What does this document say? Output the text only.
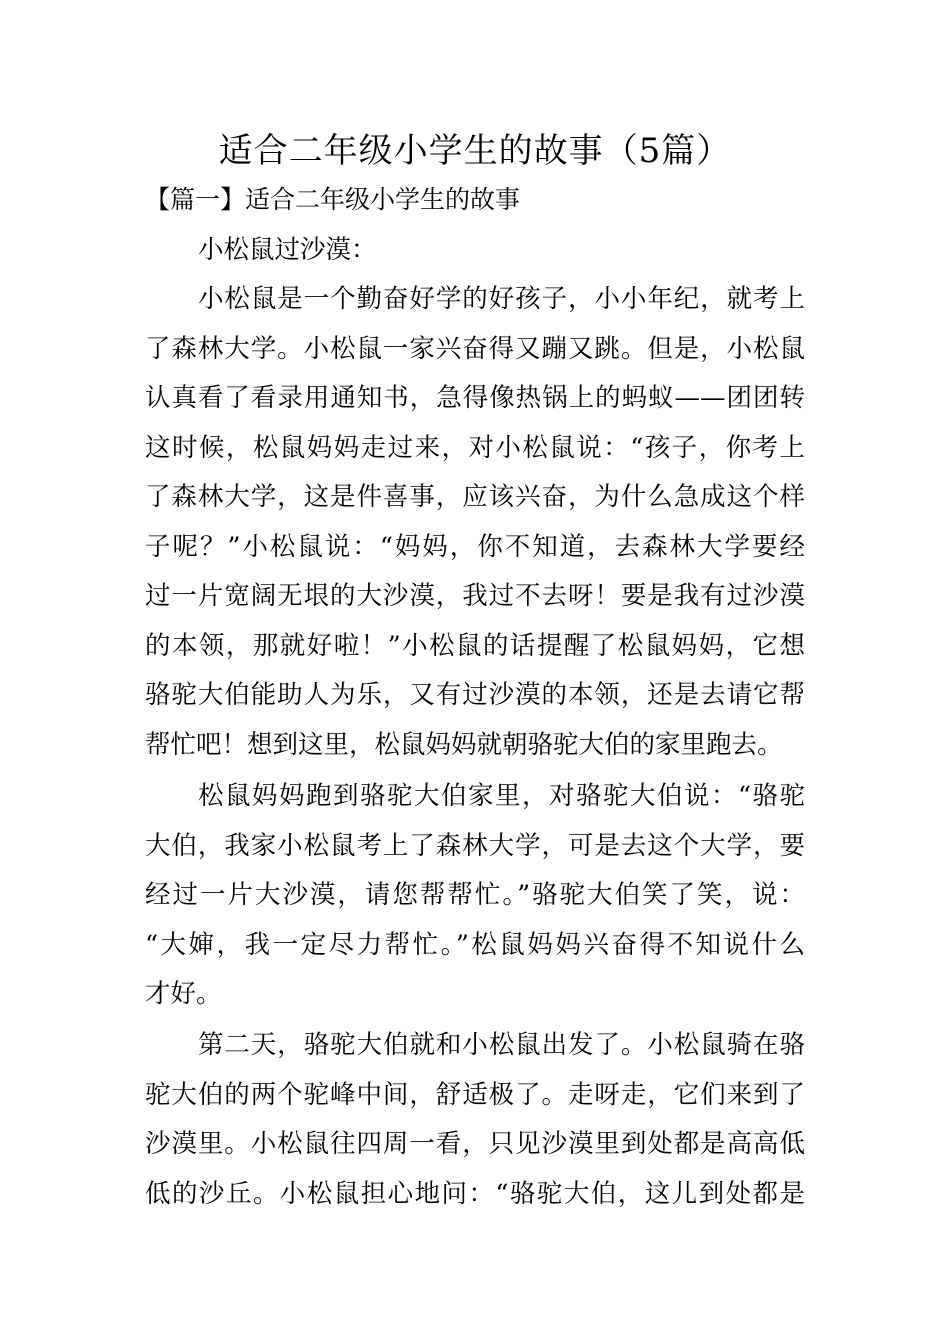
适合二年级小学生的故事（5篇）
【篇一】适合二年级小学生的故事
小松鼠过沙漠：
小松鼠是一个勤奋好学的好孩子，小小年纪，就考上
了森林大学。小松鼠一家兴奋得又蹦又跳。但是，小松鼠
认真看了看录用通知书，急得像热锅上的蚂蚁——团团转
这时候，松鼠妈妈走过来，对小松鼠说：“孩子，你考上
了森林大学，这是件喜事，应该兴奋，为什么急成这个样
子呢？”小松鼠说：“妈妈，你不知道，去森林大学要经
过一片宽阔无垠的大沙漠，我过不去呀！要是我有过沙漠
的本领，那就好啦！”小松鼠的话提醒了松鼠妈妈，它想
骆驼大伯能助人为乐，又有过沙漠的本领，还是去请它帮
帮忙吧！想到这里，松鼠妈妈就朝骆驼大伯的家里跑去。
松鼠妈妈跑到骆驼大伯家里，对骆驼大伯说：“骆驼
大伯，我家小松鼠考上了森林大学，可是去这个大学，要
经过一片大沙漠，请您帮帮忙。”骆驼大伯笑了笑，说：
“大婶，我一定尽力帮忙。”松鼠妈妈兴奋得不知说什么
才好。
第二天，骆驼大伯就和小松鼠出发了。小松鼠骑在骆
驼大伯的两个驼峰中间，舒适极了。走呀走，它们来到了
沙漠里。小松鼠往四周一看，只见沙漠里到处都是高高低
低的沙丘。小松鼠担心地问：“骆驼大伯，这儿到处都是
